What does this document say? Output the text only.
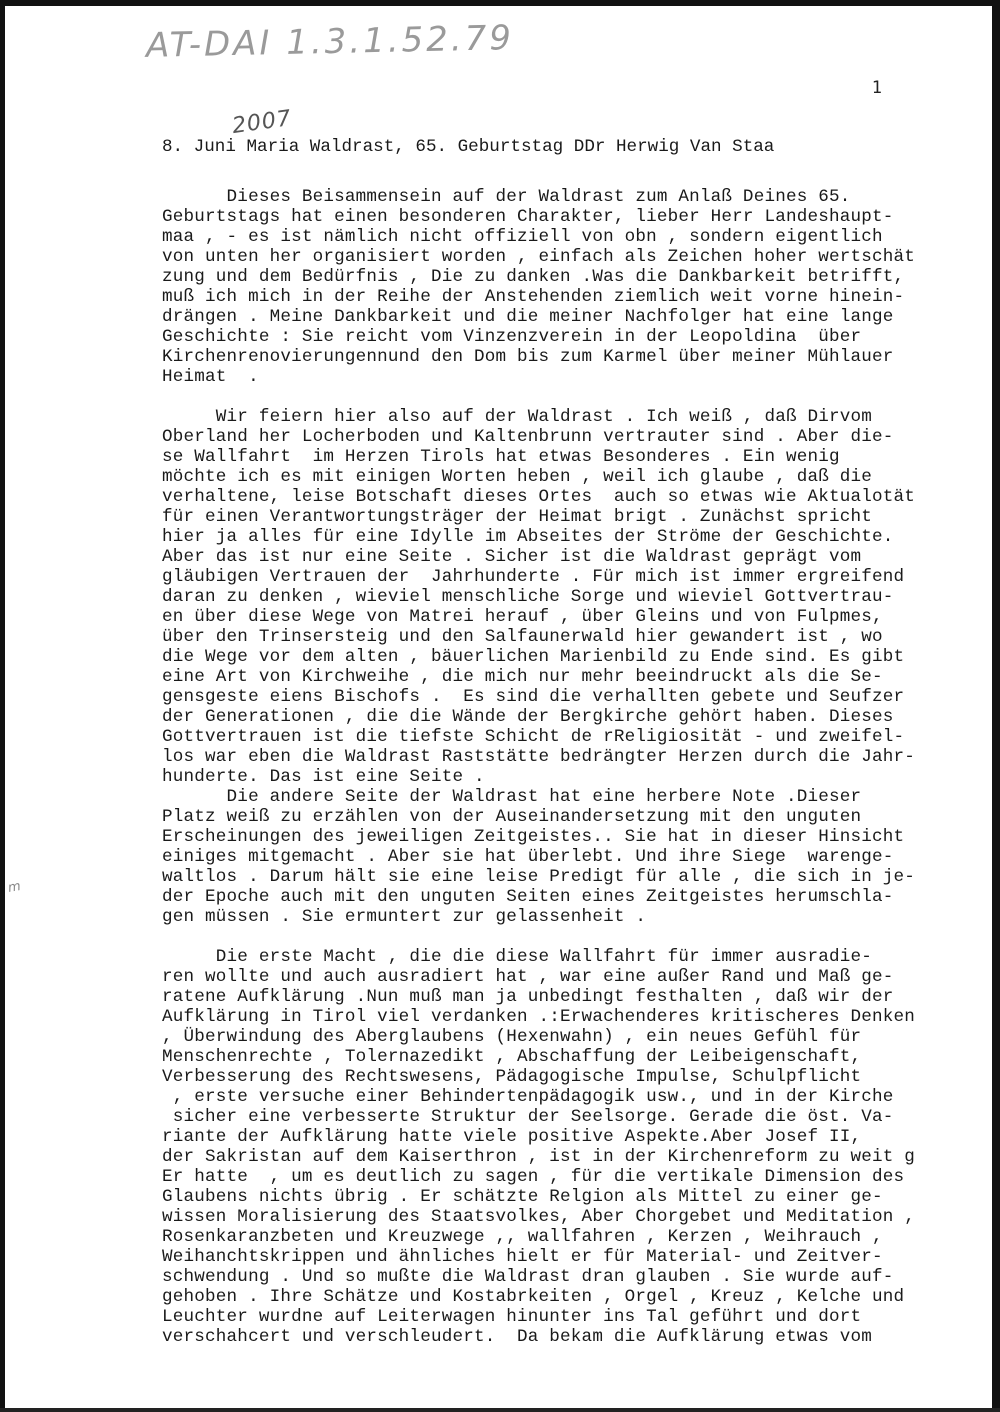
AT-DAI 1.3.1.52.79
2007
m
1
8. Juni Maria Waldrast, 65. Geburtstag DDr Herwig Van Staa
Dieses Beisammensein auf der Waldrast zum Anlaß Deines 65.
Geburtstags hat einen besonderen Charakter, lieber Herr Landeshaupt-
maa , - es ist nämlich nicht offiziell von obn , sondern eigentlich
von unten her organisiert worden , einfach als Zeichen hoher wertschät
zung und dem Bedürfnis , Die zu danken .Was die Dankbarkeit betrifft,
muß ich mich in der Reihe der Anstehenden ziemlich weit vorne hinein-
drängen . Meine Dankbarkeit und die meiner Nachfolger hat eine lange
Geschichte : Sie reicht vom Vinzenzverein in der Leopoldina  über
Kirchenrenovierungennund den Dom bis zum Karmel über meiner Mühlauer
Heimat  .
Wir feiern hier also auf der Waldrast . Ich weiß , daß Dirvom
Oberland her Locherboden und Kaltenbrunn vertrauter sind . Aber die-
se Wallfahrt  im Herzen Tirols hat etwas Besonderes . Ein wenig
möchte ich es mit einigen Worten heben , weil ich glaube , daß die
verhaltene, leise Botschaft dieses Ortes  auch so etwas wie Aktualotät
für einen Verantwortungsträger der Heimat brigt . Zunächst spricht
hier ja alles für eine Idylle im Abseites der Ströme der Geschichte.
Aber das ist nur eine Seite . Sicher ist die Waldrast geprägt vom
gläubigen Vertrauen der  Jahrhunderte . Für mich ist immer ergreifend
daran zu denken , wieviel menschliche Sorge und wieviel Gottvertrau-
en über diese Wege von Matrei herauf , über Gleins und von Fulpmes,
über den Trinsersteig und den Salfaunerwald hier gewandert ist , wo
die Wege vor dem alten , bäuerlichen Marienbild zu Ende sind. Es gibt
eine Art von Kirchweihe , die mich nur mehr beeindruckt als die Se-
gensgeste eiens Bischofs .  Es sind die verhallten gebete und Seufzer
der Generationen , die die Wände der Bergkirche gehört haben. Dieses
Gottvertrauen ist die tiefste Schicht de rReligiosität - und zweifel-
los war eben die Waldrast Raststätte bedrängter Herzen durch die Jahr-
hunderte. Das ist eine Seite .
Die andere Seite der Waldrast hat eine herbere Note .Dieser
Platz weiß zu erzählen von der Auseinandersetzung mit den unguten
Erscheinungen des jeweiligen Zeitgeistes.. Sie hat in dieser Hinsicht
einiges mitgemacht . Aber sie hat überlebt. Und ihre Siege  warenge-
waltlos . Darum hält sie eine leise Predigt für alle , die sich in je-
der Epoche auch mit den unguten Seiten eines Zeitgeistes herumschla-
gen müssen . Sie ermuntert zur gelassenheit .
Die erste Macht , die die diese Wallfahrt für immer ausradie-
ren wollte und auch ausradiert hat , war eine außer Rand und Maß ge-
ratene Aufklärung .Nun muß man ja unbedingt festhalten , daß wir der
Aufklärung in Tirol viel verdanken .:Erwachenderes kritischeres Denken
, Überwindung des Aberglaubens (Hexenwahn) , ein neues Gefühl für
Menschenrechte , Tolernazedikt , Abschaffung der Leibeigenschaft,
Verbesserung des Rechtswesens, Pädagogische Impulse, Schulpflicht
, erste versuche einer Behindertenpädagogik usw., und in der Kirche
sicher eine verbesserte Struktur der Seelsorge. Gerade die öst. Va-
riante der Aufklärung hatte viele positive Aspekte.Aber Josef II,
der Sakristan auf dem Kaiserthron , ist in der Kirchenreform zu weit g
Er hatte  , um es deutlich zu sagen , für die vertikale Dimension des
Glaubens nichts übrig . Er schätzte Relgion als Mittel zu einer ge-
wissen Moralisierung des Staatsvolkes, Aber Chorgebet und Meditation ,
Rosenkaranzbeten und Kreuzwege ,, wallfahren , Kerzen , Weihrauch ,
Weihanchtskrippen und ähnliches hielt er für Material- und Zeitver-
schwendung . Und so mußte die Waldrast dran glauben . Sie wurde auf-
gehoben . Ihre Schätze und Kostabrkeiten , Orgel , Kreuz , Kelche und
Leuchter wurdne auf Leiterwagen hinunter ins Tal geführt und dort
verschahcert und verschleudert.  Da bekam die Aufklärung etwas vom
